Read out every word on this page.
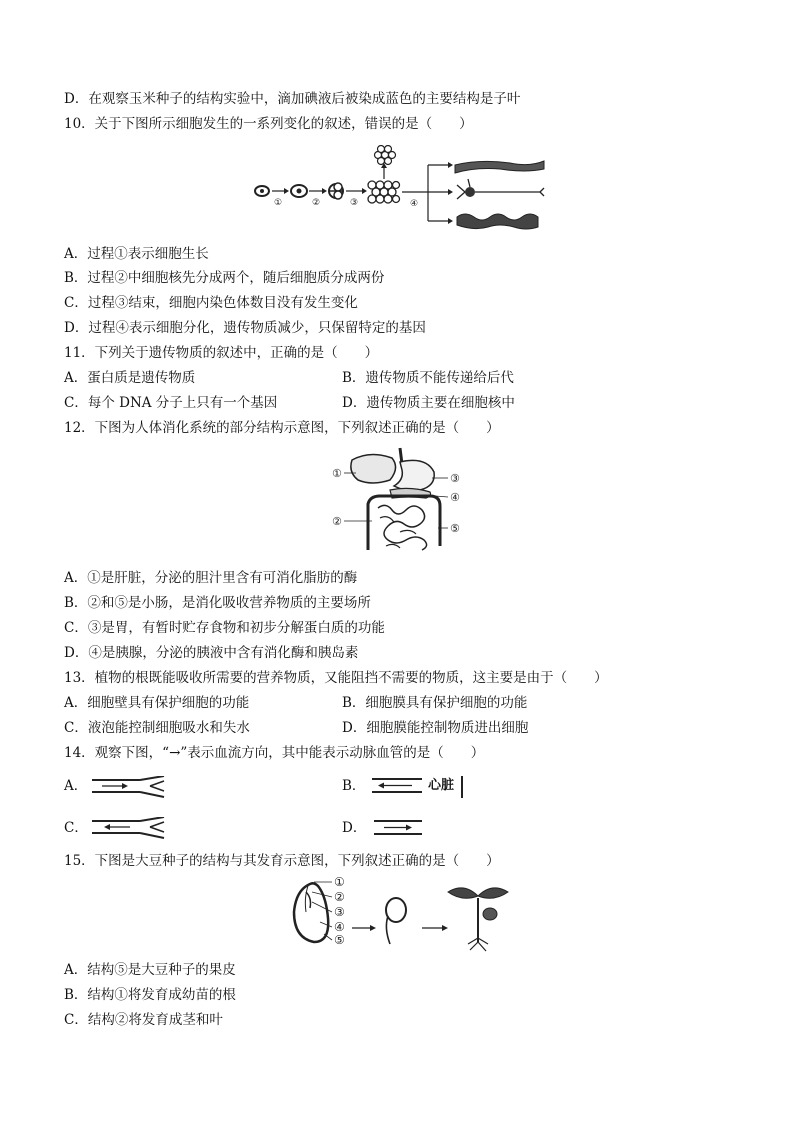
D．在观察玉米种子的结构实验中，滴加碘液后被染成蓝色的主要结构是子叶
10．关于下图所示细胞发生的一系列变化的叙述，错误的是（　　）
①	②	③	④
A．过程①表示细胞生长
B．过程②中细胞核先分成两个，随后细胞质分成两份
C．过程③结束，细胞内染色体数目没有发生变化
D．过程④表示细胞分化，遗传物质减少，只保留特定的基因
11．下列关于遗传物质的叙述中，正确的是（　　）
A．蛋白质是遗传物质	B．遗传物质不能传递给后代
C．每个 DNA 分子上只有一个基因	D．遗传物质主要在细胞核中
12．下图为人体消化系统的部分结构示意图，下列叙述正确的是（　　）
①
②
③
④
⑤
A．①是肝脏，分泌的胆汁里含有可消化脂肪的酶
B．②和⑤是小肠，是消化吸收营养物质的主要场所
C．③是胃，有暂时贮存食物和初步分解蛋白质的功能
D．④是胰腺，分泌的胰液中含有消化酶和胰岛素
13．植物的根既能吸收所需要的营养物质，又能阻挡不需要的物质，这主要是由于（　　）
A．细胞壁具有保护细胞的功能	B．细胞膜具有保护细胞的功能
C．液泡能控制细胞吸水和失水	D．细胞膜能控制物质进出细胞
14．观察下图，“→”表示血流方向，其中能表示动脉血管的是（　　）
A．	B．	心脏
C．	D．
15．下图是大豆种子的结构与其发育示意图，下列叙述正确的是（　　）
①
②
③
④
⑤
A．结构⑤是大豆种子的果皮
B．结构①将发育成幼苗的根
C．结构②将发育成茎和叶
